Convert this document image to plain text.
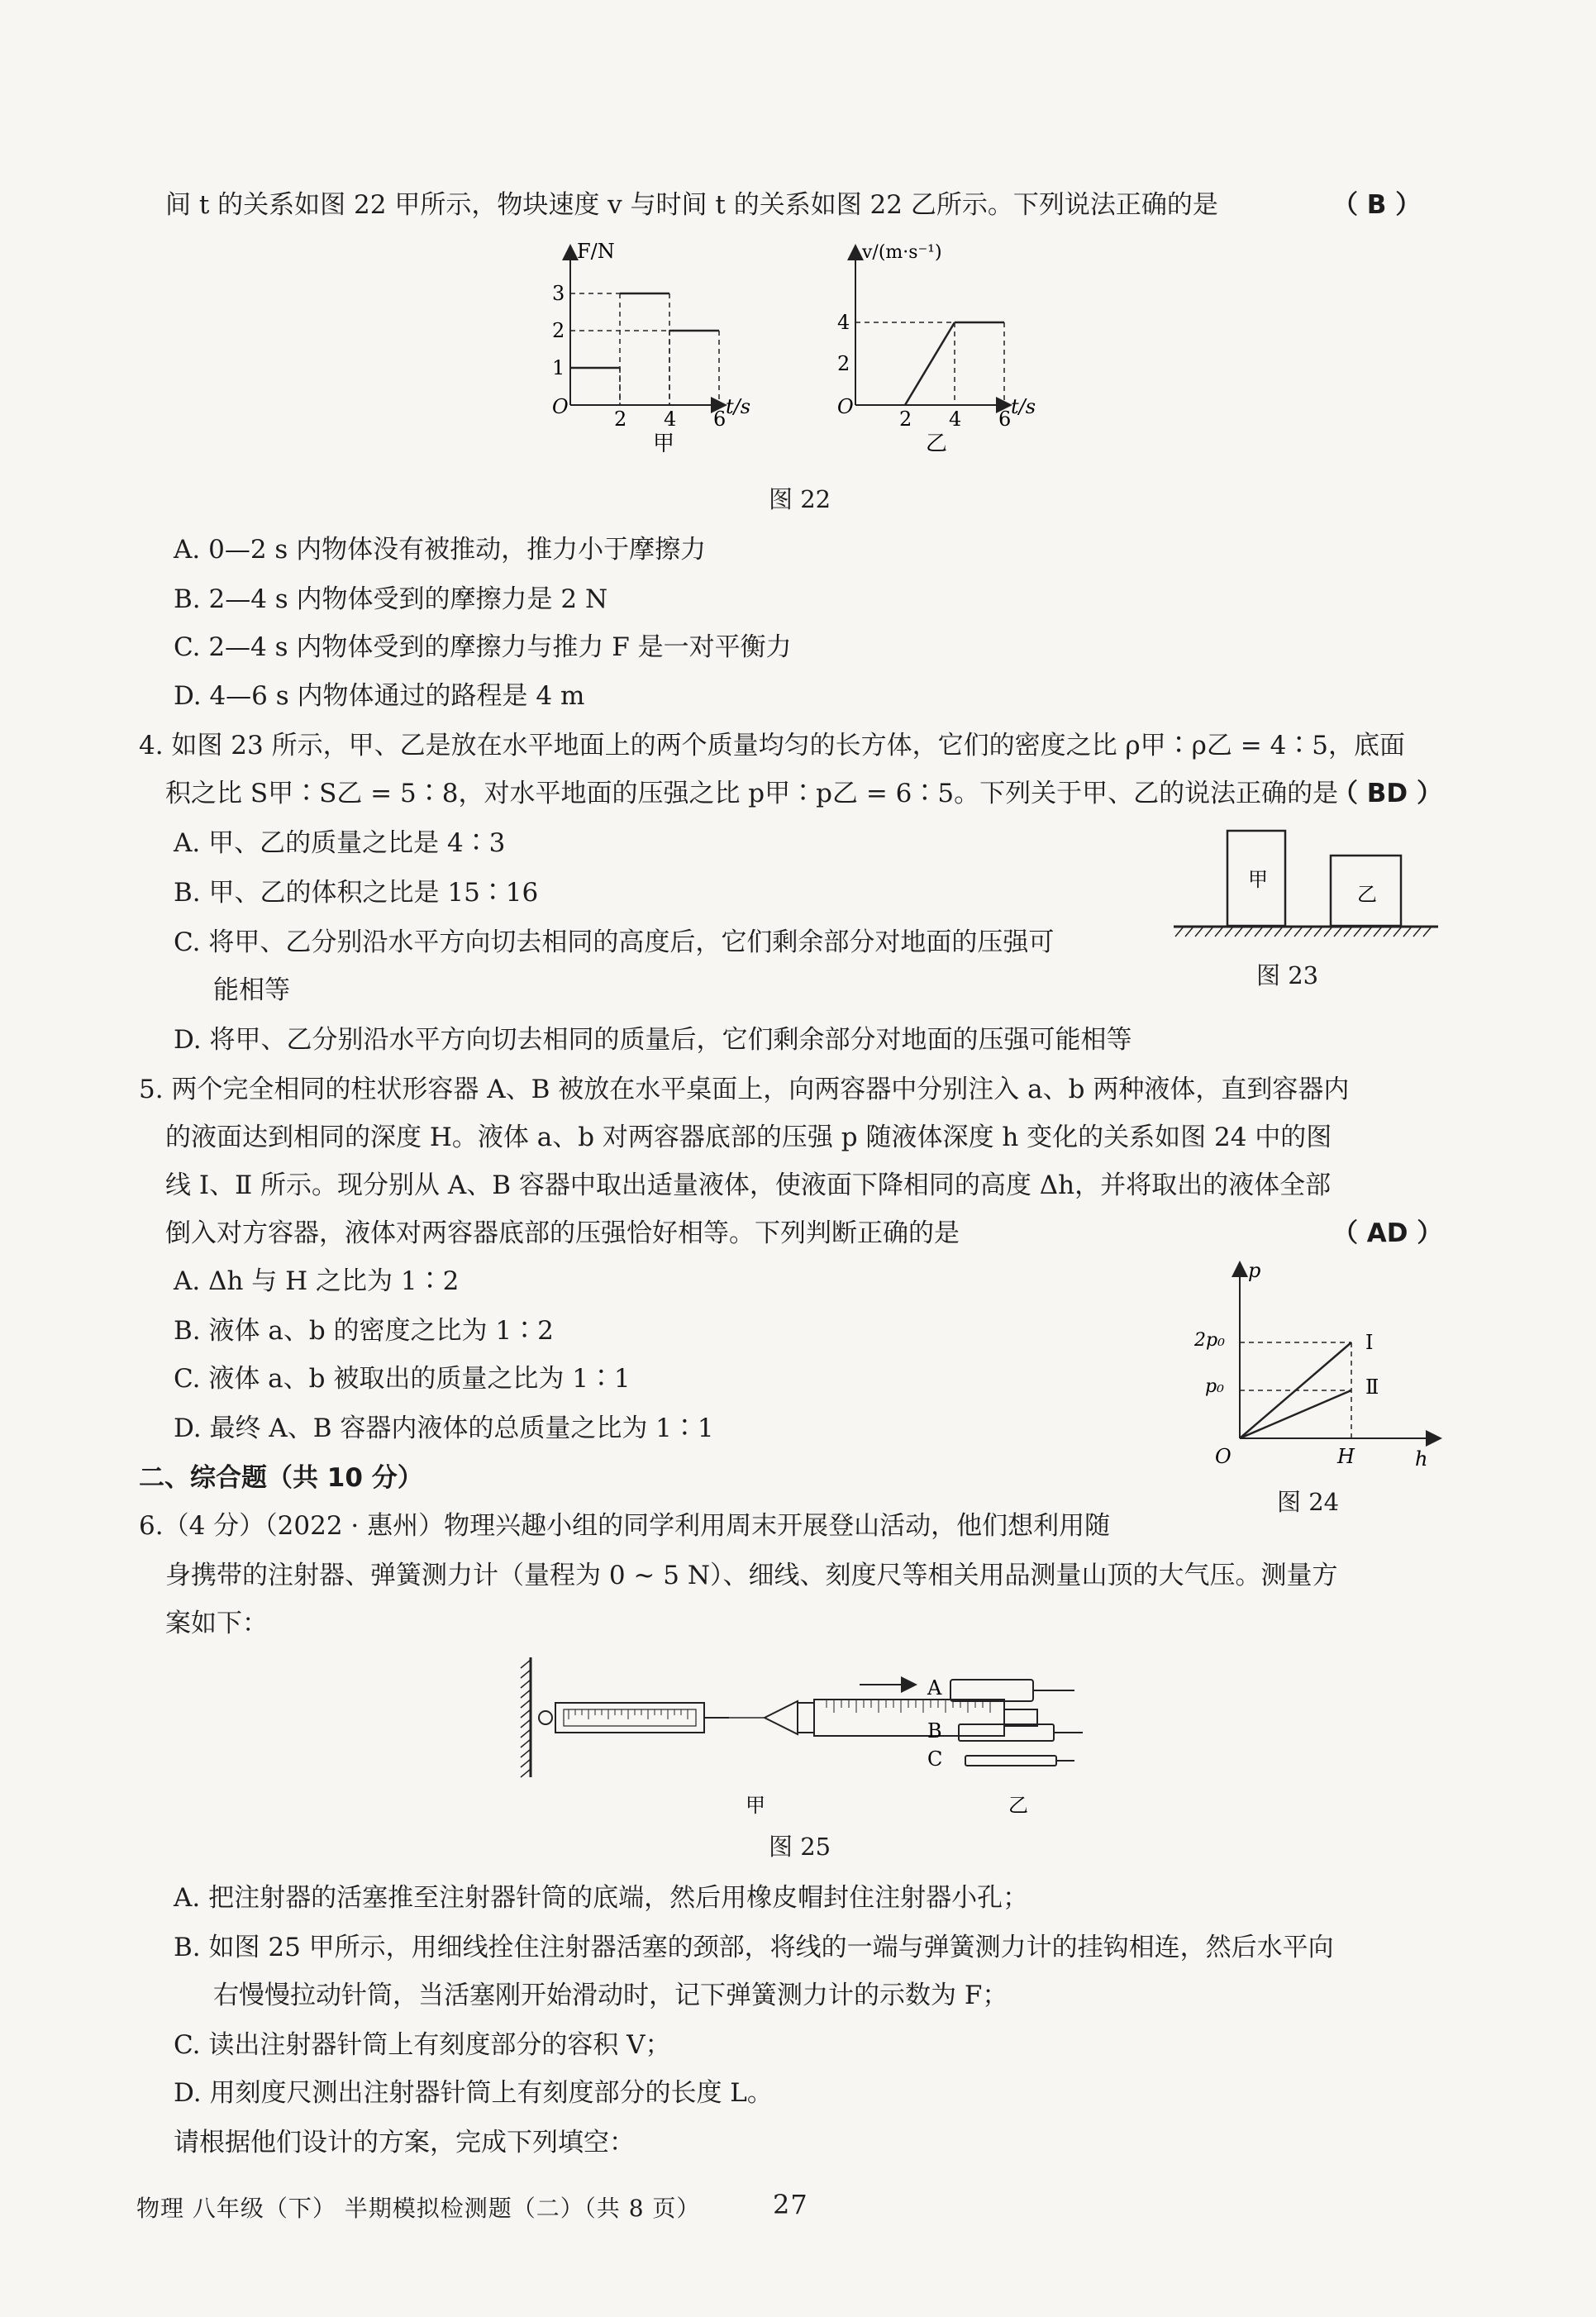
间 t 的关系如图 22 甲所示，物块速度 v 与时间 t 的关系如图 22 乙所示。下列说法正确的是	（ B ）
O
F/N
t/s
2 4 6
1
2
3
甲
O
v/(m·s⁻¹)
t/s
2 4 6
2
4
乙
图 22
A. 0—2 s 内物体没有被推动，推力小于摩擦力
B. 2—4 s 内物体受到的摩擦力是 2 N
C. 2—4 s 内物体受到的摩擦力与推力 F 是一对平衡力
D. 4—6 s 内物体通过的路程是 4 m
4. 如图 23 所示，甲、乙是放在水平地面上的两个质量均匀的长方体，它们的密度之比 ρ甲∶ρ乙 = 4∶5，底面
积之比 S甲∶S乙 = 5∶8，对水平地面的压强之比 p甲∶p乙 = 6∶5。下列关于甲、乙的说法正确的是
（ BD ）
A. 甲、乙的质量之比是 4∶3
B. 甲、乙的体积之比是 15∶16
C. 将甲、乙分别沿水平方向切去相同的高度后，它们剩余部分对地面的压强可
能相等
D. 将甲、乙分别沿水平方向切去相同的质量后，它们剩余部分对地面的压强可能相等
甲
乙
图 23
5. 两个完全相同的柱状形容器 A、B 被放在水平桌面上，向两容器中分别注入 a、b 两种液体，直到容器内
的液面达到相同的深度 H。液体 a、b 对两容器底部的压强 p 随液体深度 h 变化的关系如图 24 中的图
线 Ⅰ、Ⅱ 所示。现分别从 A、B 容器中取出适量液体，使液面下降相同的高度 Δh，并将取出的液体全部
倒入对方容器，液体对两容器底部的压强恰好相等。下列判断正确的是	（ AD ）
A. Δh 与 H 之比为 1∶2
B. 液体 a、b 的密度之比为 1∶2
C. 液体 a、b 被取出的质量之比为 1∶1
D. 最终 A、B 容器内液体的总质量之比为 1∶1
O
p
h
H
p₀
2p₀	Ⅰ
Ⅱ
图 24
二、综合题（共 10 分）
6.（4 分）（2022 · 惠州）物理兴趣小组的同学利用周末开展登山活动，他们想利用随
身携带的注射器、弹簧测力计（量程为 0 ~ 5 N）、细线、刻度尺等相关用品测量山顶的大气压。测量方
案如下：
甲
A
B
C
乙
图 25
A. 把注射器的活塞推至注射器针筒的底端，然后用橡皮帽封住注射器小孔；
B. 如图 25 甲所示，用细线拴住注射器活塞的颈部，将线的一端与弹簧测力计的挂钩相连，然后水平向
右慢慢拉动针筒，当活塞刚开始滑动时，记下弹簧测力计的示数为 F；
C. 读出注射器针筒上有刻度部分的容积 V；
D. 用刻度尺测出注射器针筒上有刻度部分的长度 L。
请根据他们设计的方案，完成下列填空：
物理 八年级（下） 半期模拟检测题（二）（共 8 页）	27
